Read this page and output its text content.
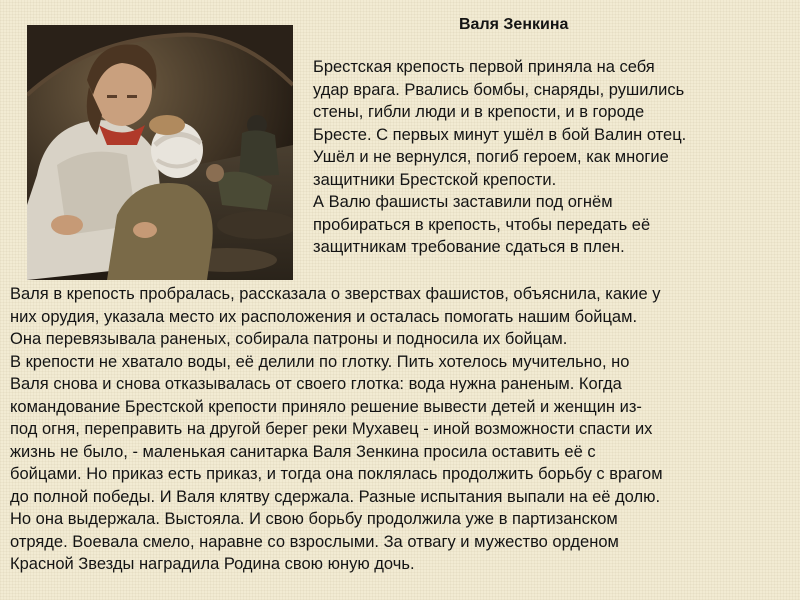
Валя Зенкина
Брестская крепость первой приняла на себя
удар врага. Рвались бомбы, снаряды, рушились
стены, гибли люди и в крепости, и в городе
Бресте. С первых минут ушёл в бой Валин отец.
Ушёл и не вернулся, погиб героем, как многие
защитники Брестской крепости.
А Валю фашисты заставили под огнём
пробираться в крепость, чтобы передать её
защитникам требование сдаться в плен.
Валя в крепость пробралась, рассказала о зверствах фашистов, объяснила, какие у
них орудия, указала место их расположения и осталась помогать нашим бойцам.
Она перевязывала раненых, собирала патроны и подносила их бойцам.
В крепости не хватало воды, её делили по глотку. Пить хотелось мучительно, но
Валя снова и снова отказывалась от своего глотка: вода нужна раненым. Когда
командование Брестской крепости приняло решение вывести детей и женщин из-
под огня, переправить на другой берег реки Мухавец - иной возможности спасти их
жизнь не было, - маленькая санитарка Валя Зенкина просила оставить её с
бойцами. Но приказ есть приказ, и тогда она поклялась продолжить борьбу с врагом
до полной победы. И Валя клятву сдержала. Разные испытания выпали на её долю.
Но она выдержала. Выстояла. И свою борьбу продолжила уже в партизанском
отряде. Воевала смело, наравне со взрослыми. За отвагу и мужество орденом
Красной Звезды наградила Родина свою юную дочь.
